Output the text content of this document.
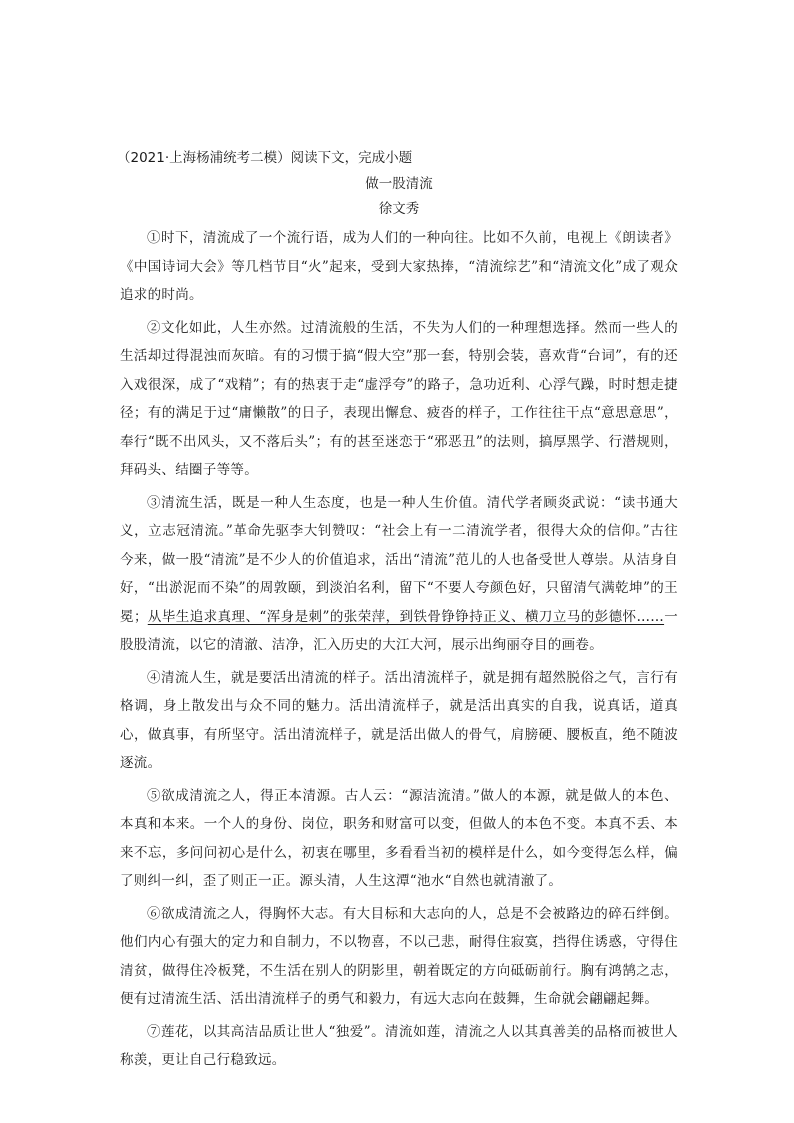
（2021·上海杨浦统考二模）阅读下文，完成小题
做一股清流
徐文秀

①时下，清流成了一个流行语，成为人们的一种向往。比如不久前，电视上《朗读者》《中国诗词大会》等几档节目“火”起来，受到大家热捧，“清流综艺”和“清流文化”成了观众追求的时尚。

②文化如此，人生亦然。过清流般的生活，不失为人们的一种理想选择。然而一些人的生活却过得混浊而灰暗。有的习惯于搞“假大空”那一套，特别会装，喜欢背“台词”，有的还入戏很深，成了“戏精”；有的热衷于走“虚浮夸”的路子，急功近利、心浮气躁，时时想走捷径；有的满足于过“庸懒散”的日子，表现出懈怠、疲沓的样子，工作往往干点“意思意思”，奉行“既不出风头，又不落后头”；有的甚至迷恋于“邪恶丑”的法则，搞厚黑学、行潜规则，拜码头、结圈子等等。

③清流生活，既是一种人生态度，也是一种人生价值。清代学者顾炎武说：“读书通大义，立志冠清流。”革命先驱李大钊赞叹：“社会上有一二清流学者，很得大众的信仰。”古往今来，做一股“清流”是不少人的价值追求，活出“清流”范儿的人也备受世人尊崇。从洁身自好，“出淤泥而不染”的周敦颐，到淡泊名利，留下“不要人夸颜色好，只留清气满乾坤”的王冕；从毕生追求真理、“浑身是刺”的张荣萍，到铁骨铮铮持正义、横刀立马的彭德怀……一股股清流，以它的清澈、洁净，汇入历史的大江大河，展示出绚丽夺目的画卷。

④清流人生，就是要活出清流的样子。活出清流样子，就是拥有超然脱俗之气，言行有格调，身上散发出与众不同的魅力。活出清流样子，就是活出真实的自我，说真话，道真心，做真事，有所坚守。活出清流样子，就是活出做人的骨气，肩膀硬、腰板直，绝不随波逐流。

⑤欲成清流之人，得正本清源。古人云：“源洁流清。”做人的本源，就是做人的本色、本真和本来。一个人的身份、岗位，职务和财富可以变，但做人的本色不变。本真不丢、本来不忘，多问问初心是什么，初衷在哪里，多看看当初的模样是什么，如今变得怎么样，偏了则纠一纠，歪了则正一正。源头清，人生这潭“池水“自然也就清澈了。

⑥欲成清流之人，得胸怀大志。有大目标和大志向的人，总是不会被路边的碎石绊倒。他们内心有强大的定力和自制力，不以物喜，不以己悲，耐得住寂寞，挡得住诱惑，守得住清贫，做得住冷板凳，不生活在别人的阴影里，朝着既定的方向砥砺前行。胸有鸿鹄之志，便有过清流生活、活出清流样子的勇气和毅力，有远大志向在鼓舞，生命就会翩翩起舞。

⑦莲花，以其高洁品质让世人“独爱”。清流如莲，清流之人以其真善美的品格而被世人称羡，更让自己行稳致远。
